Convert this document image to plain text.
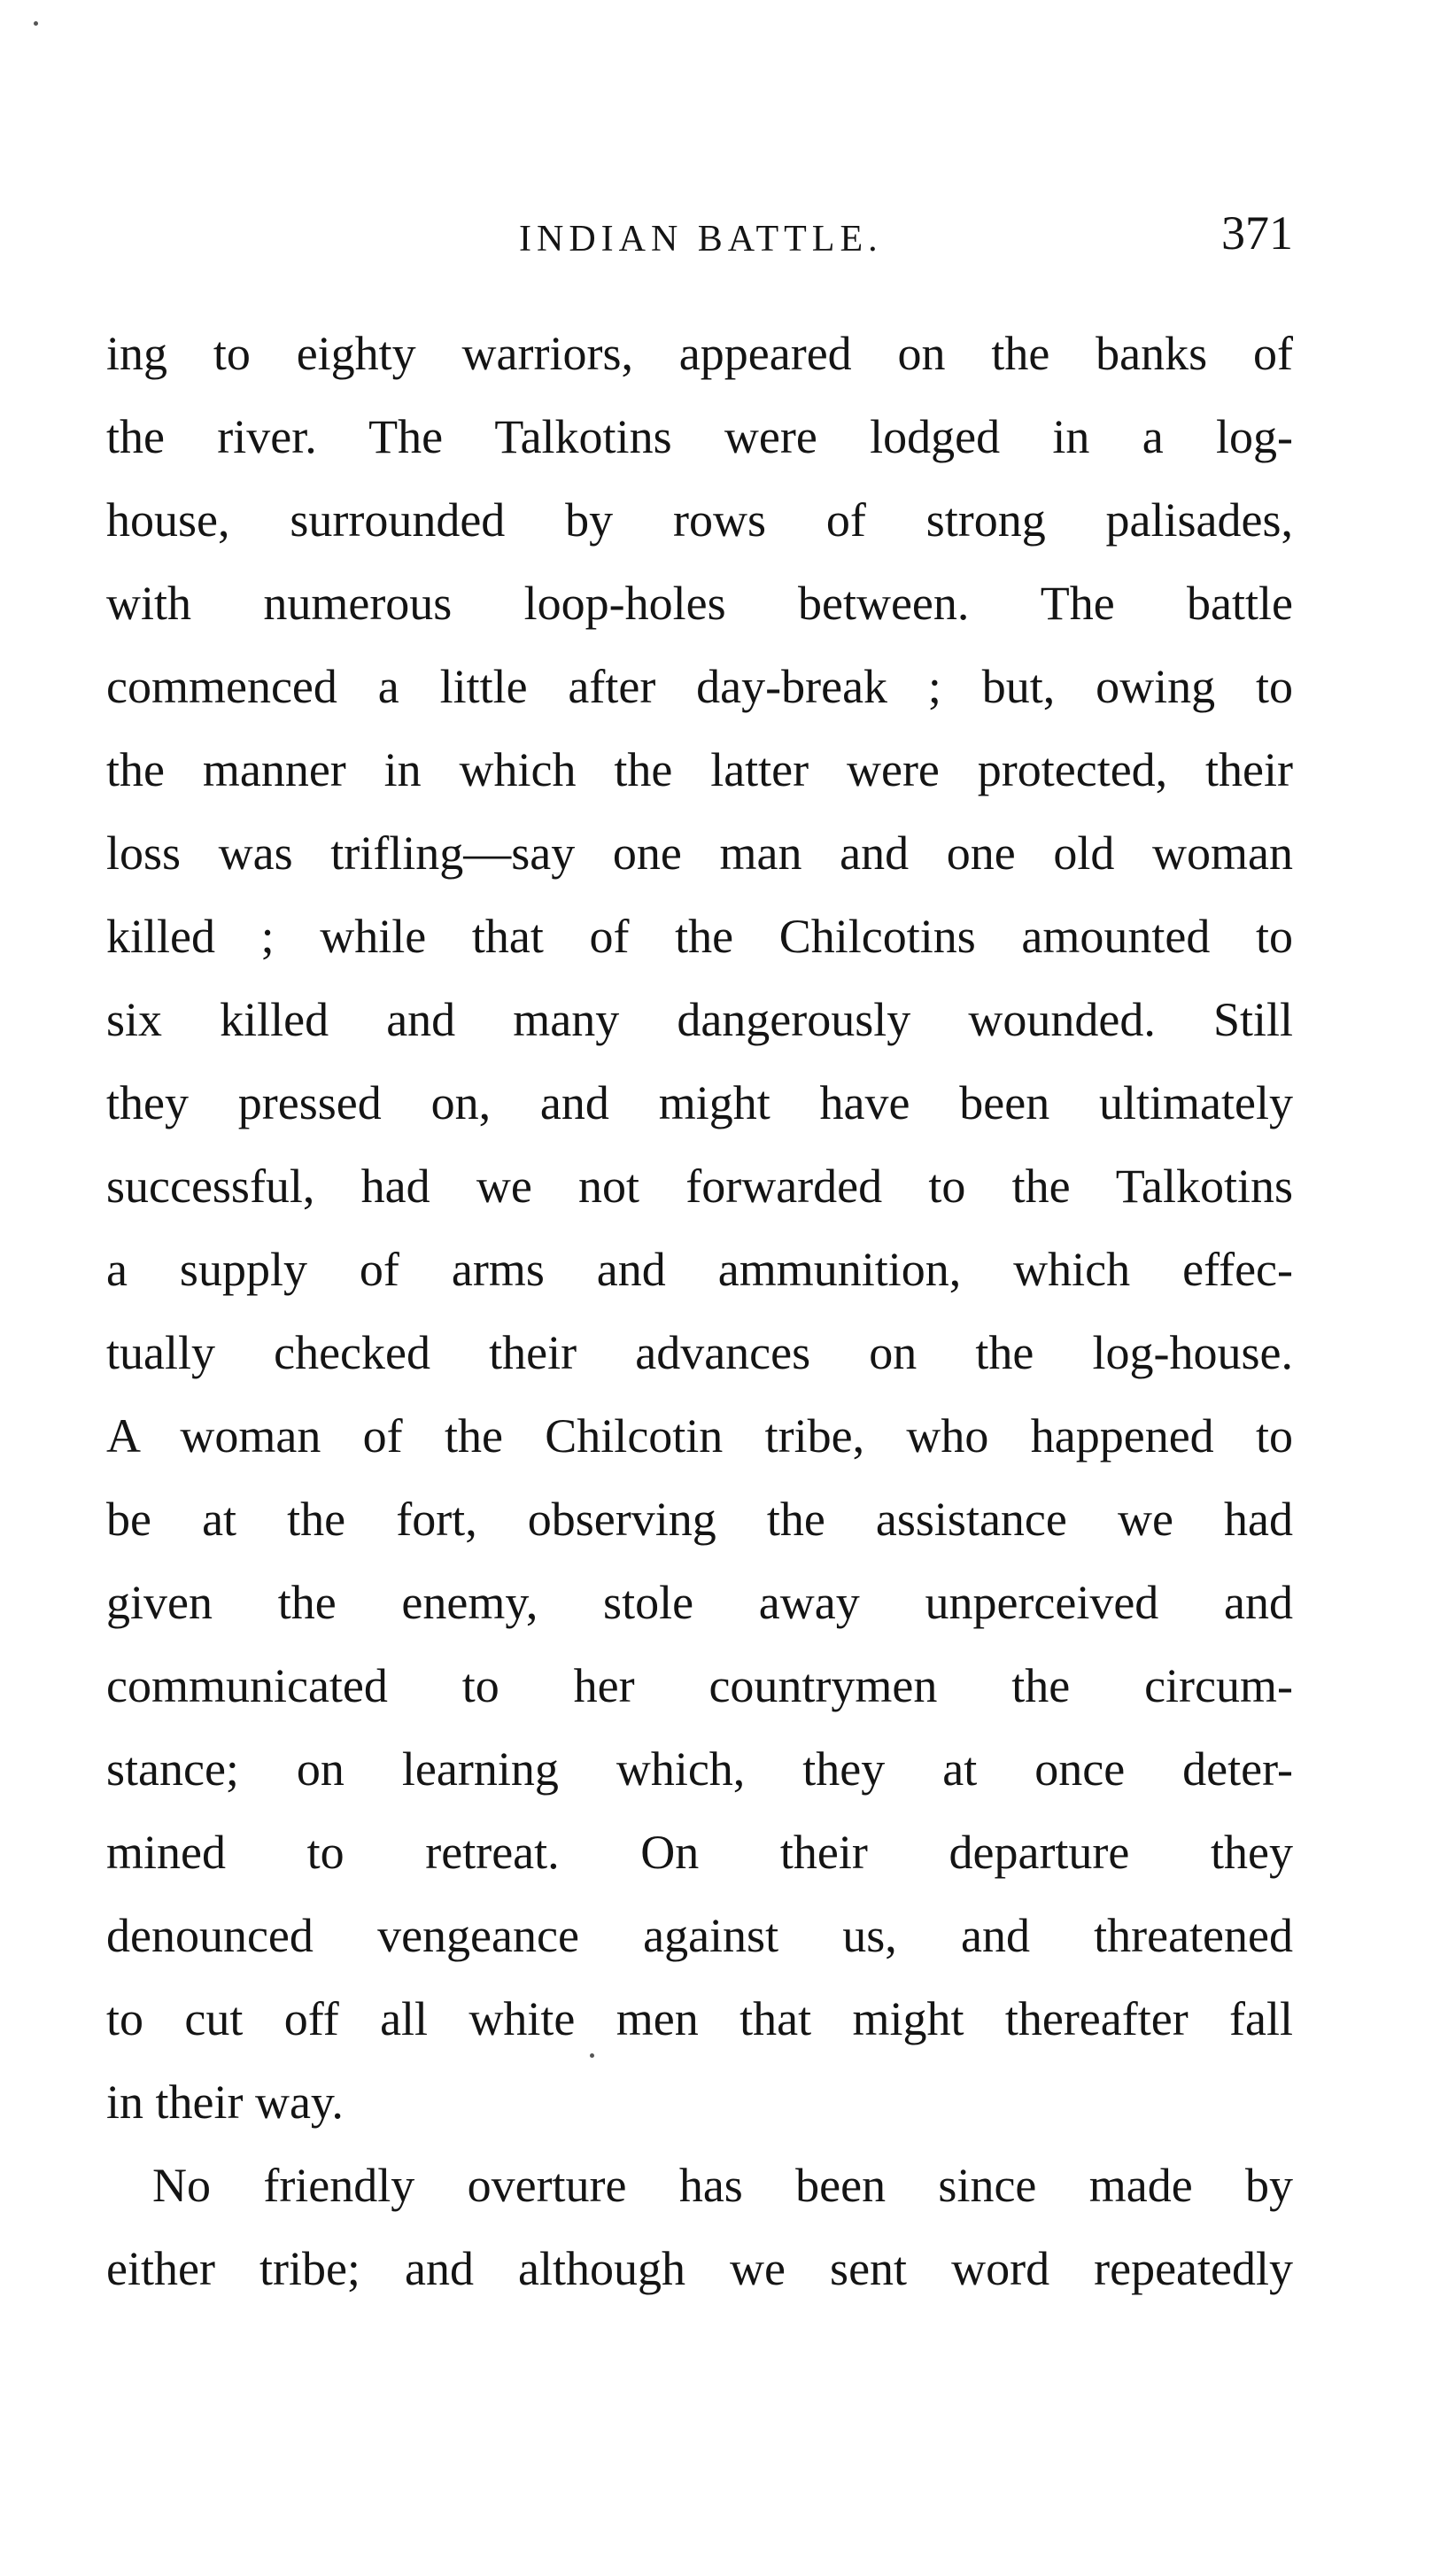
INDIAN BATTLE.	371
ing to eighty warriors, appeared on the banks of
the river. The Talkotins were lodged in a log-
house, surrounded by rows of strong palisades,
with numerous loop-holes between. The battle
commenced a little after day-break ; but, owing to
the manner in which the latter were protected, their
loss was trifling—say one man and one old woman
killed ; while that of the Chilcotins amounted to
six killed and many dangerously wounded. Still
they pressed on, and might have been ultimately
successful, had we not forwarded to the Talkotins
a supply of arms and ammunition, which effec-
tually checked their advances on the log-house.
A woman of the Chilcotin tribe, who happened to
be at the fort, observing the assistance we had
given the enemy, stole away unperceived and
communicated to her countrymen the circum-
stance; on learning which, they at once deter-
mined to retreat. On their departure they
denounced vengeance against us, and threatened
to cut off all white men that might thereafter fall
in their way.
No friendly overture has been since made by
either tribe; and although we sent word repeatedly
